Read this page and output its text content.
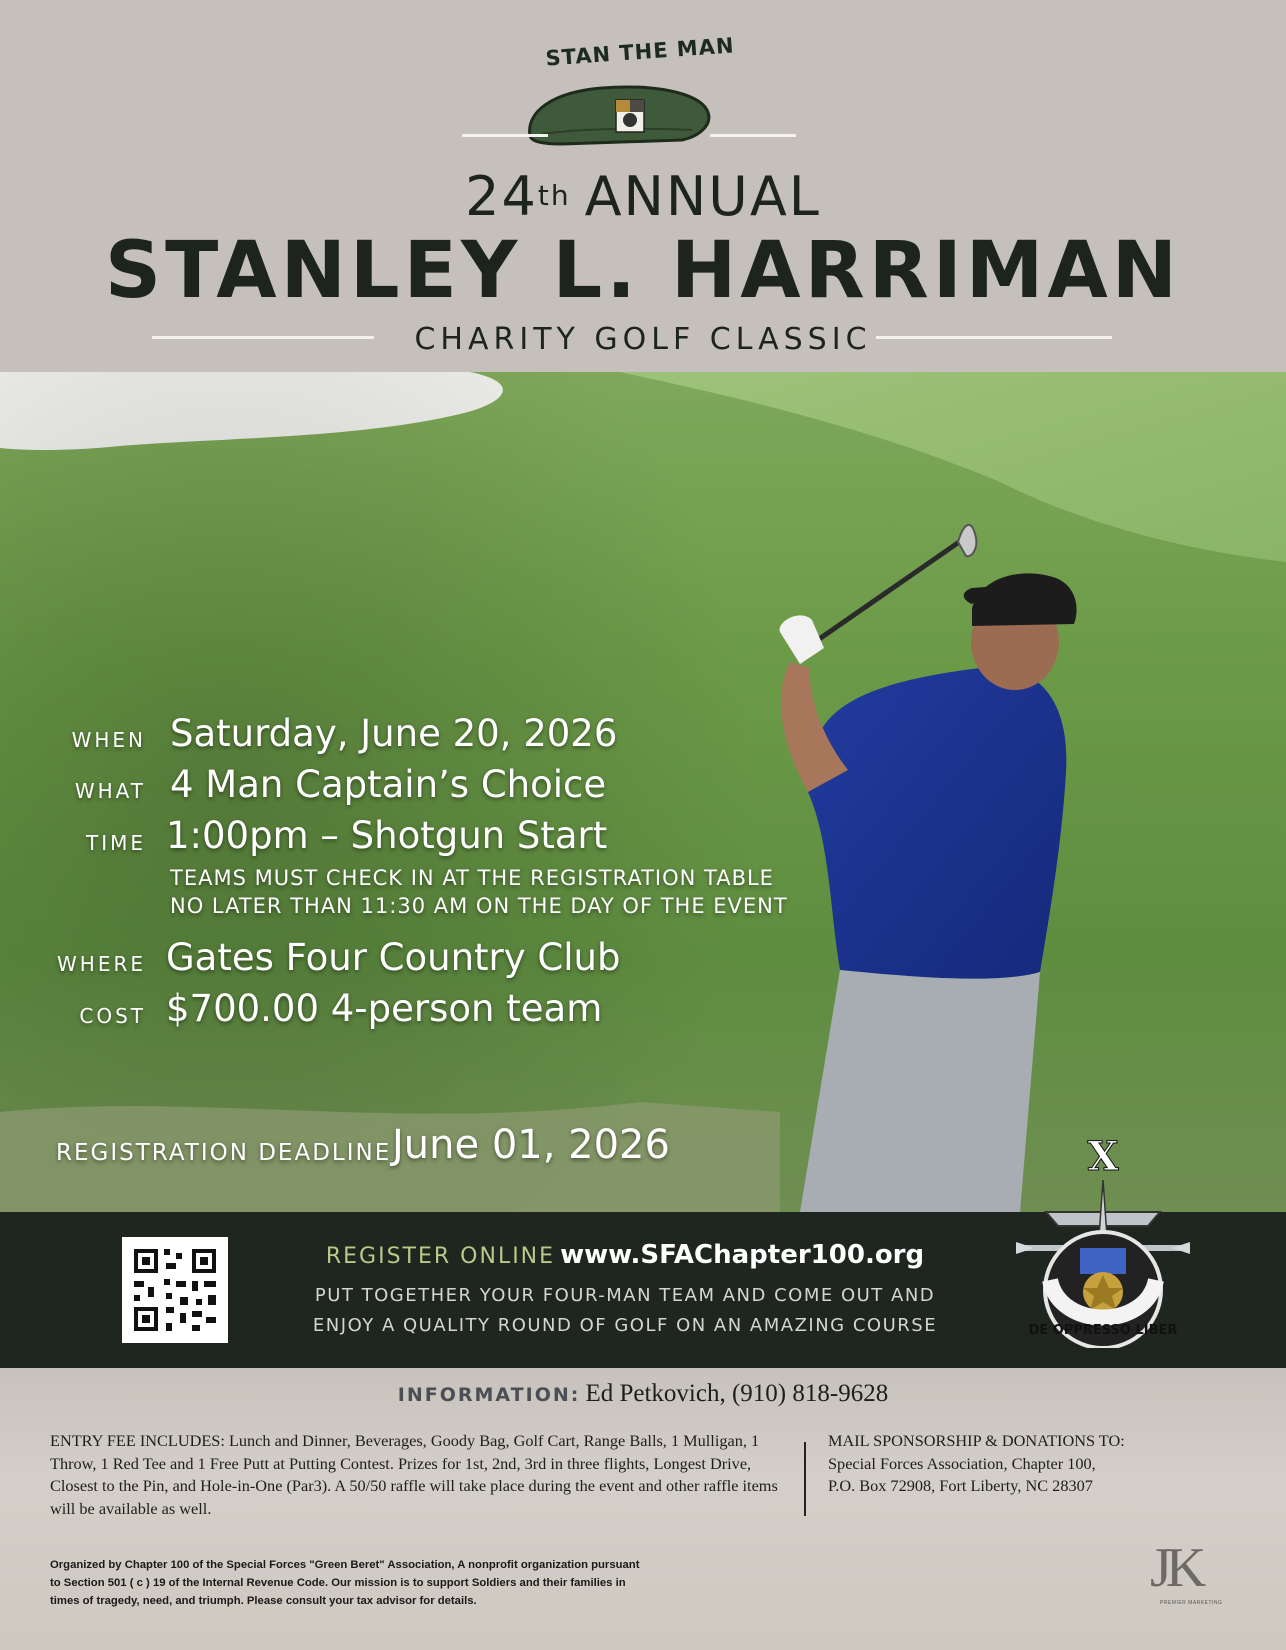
STAN THE MAN
24th ANNUAL
STANLEY L. HARRIMAN
CHARITY GOLF CLASSIC
WHEN Saturday, June 20, 2026
WHAT 4 Man Captain’s Choice
TIME 1:00pm – Shotgun Start
TEAMS MUST CHECK IN AT THE REGISTRATION TABLE
NO LATER THAN 11:30 AM ON THE DAY OF THE EVENT
WHERE Gates Four Country Club
COST $700.00 4-person team
REGISTRATION DEADLINE June 01, 2026
REGISTER ONLINE www.SFAChapter100.org
PUT TOGETHER YOUR FOUR-MAN TEAM AND COME OUT AND
ENJOY A QUALITY ROUND OF GOLF ON AN AMAZING COURSE
X
DE OPPRESSO LIBER
INFORMATION: Ed Petkovich, (910) 818-9628
ENTRY FEE INCLUDES: Lunch and Dinner, Beverages, Goody Bag, Golf Cart, Range Balls, 1 Mulligan, 1 Throw, 1 Red Tee and 1 Free Putt at Putting Contest. Prizes for 1st, 2nd, 3rd in three flights, Longest Drive, Closest to the Pin, and Hole-in-One (Par3). A 50/50 raffle will take place during the event and other raffle items will be available as well.
MAIL SPONSORSHIP & DONATIONS TO:
Special Forces Association, Chapter 100,
P.O. Box 72908, Fort Liberty, NC 28307
Organized by Chapter 100 of the Special Forces "Green Beret" Association, A nonprofit organization pursuant to Section 501 ( c ) 19 of the Internal Revenue Code. Our mission is to support Soldiers and their families in times of tragedy, need, and triumph. Please consult your tax advisor for details.
JK
PREMIER MARKETING
